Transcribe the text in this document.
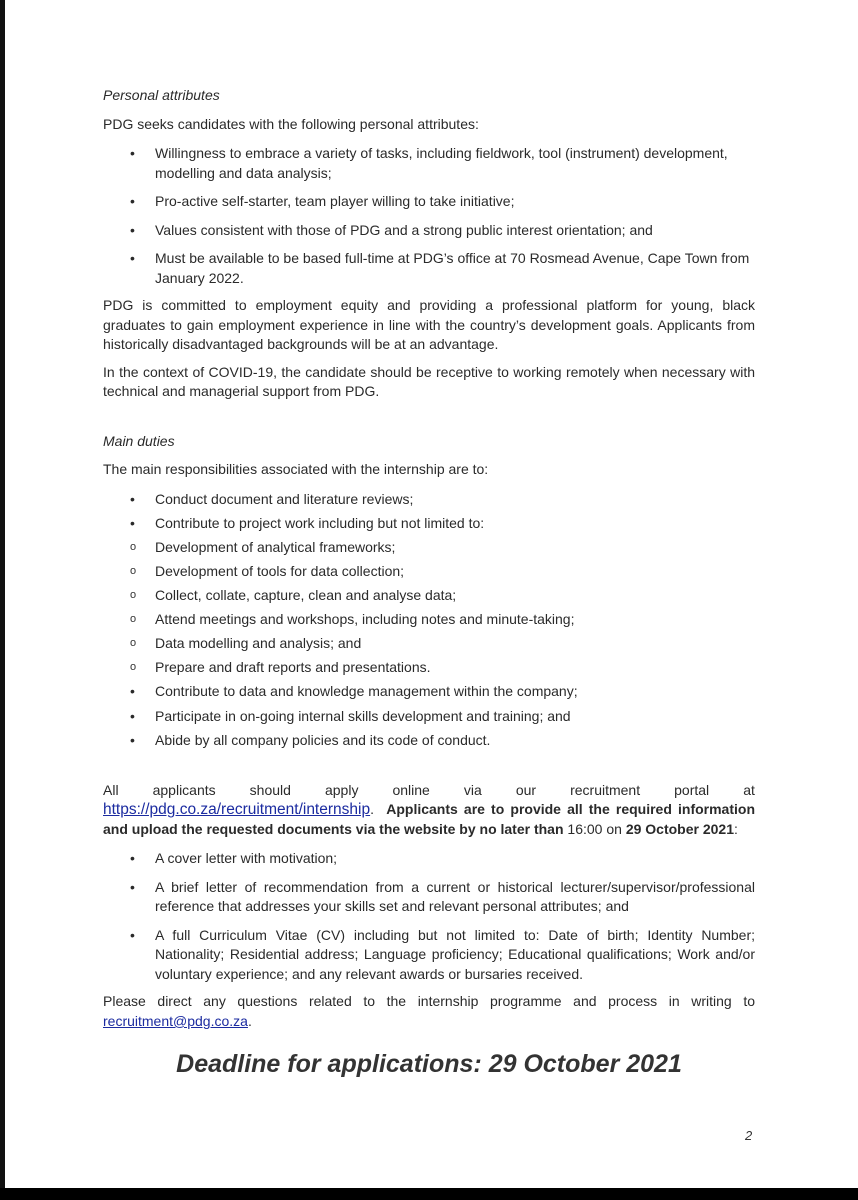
Personal attributes

PDG seeks candidates with the following personal attributes:

•	Willingness to embrace a variety of tasks, including fieldwork, tool (instrument) development, modelling and data analysis;
•	Pro-active self-starter, team player willing to take initiative;
•	Values consistent with those of PDG and a strong public interest orientation; and
•	Must be available to be based full-time at PDG’s office at 70 Rosmead Avenue, Cape Town from January 2022.

PDG is committed to employment equity and providing a professional platform for young, black graduates to gain employment experience in line with the country’s development goals. Applicants from historically disadvantaged backgrounds will be at an advantage.

In the context of COVID-19, the candidate should be receptive to working remotely when necessary with technical and managerial support from PDG.

Main duties

The main responsibilities associated with the internship are to:

•	Conduct document and literature reviews;
•	Contribute to project work including but not limited to:
o Development of analytical frameworks;
o Development of tools for data collection;
o Collect, collate, capture, clean and analyse data;
o Attend meetings and workshops, including notes and minute-taking;
o Data modelling and analysis; and
o Prepare and draft reports and presentations.
•	Contribute to data and knowledge management within the company;
•	Participate in on-going internal skills development and training; and
•	Abide by all company policies and its code of conduct.
All applicants should apply online via our recruitment portal at

https://pdg.co.za/recruitment/internship. Applicants are to provide all the required information and upload the requested documents via the website by no later than 16:00 on 29 October 2021:

•	A cover letter with motivation;
•	A brief letter of recommendation from a current or historical lecturer/supervisor/professional reference that addresses your skills set and relevant personal attributes; and
•	A full Curriculum Vitae (CV) including but not limited to: Date of birth; Identity Number; Nationality; Residential address; Language proficiency; Educational qualifications; Work and/or voluntary experience; and any relevant awards or bursaries received.

Please direct any questions related to the internship programme and process in writing to recruitment@pdg.co.za.

Deadline for applications: 29 October 2021
2
